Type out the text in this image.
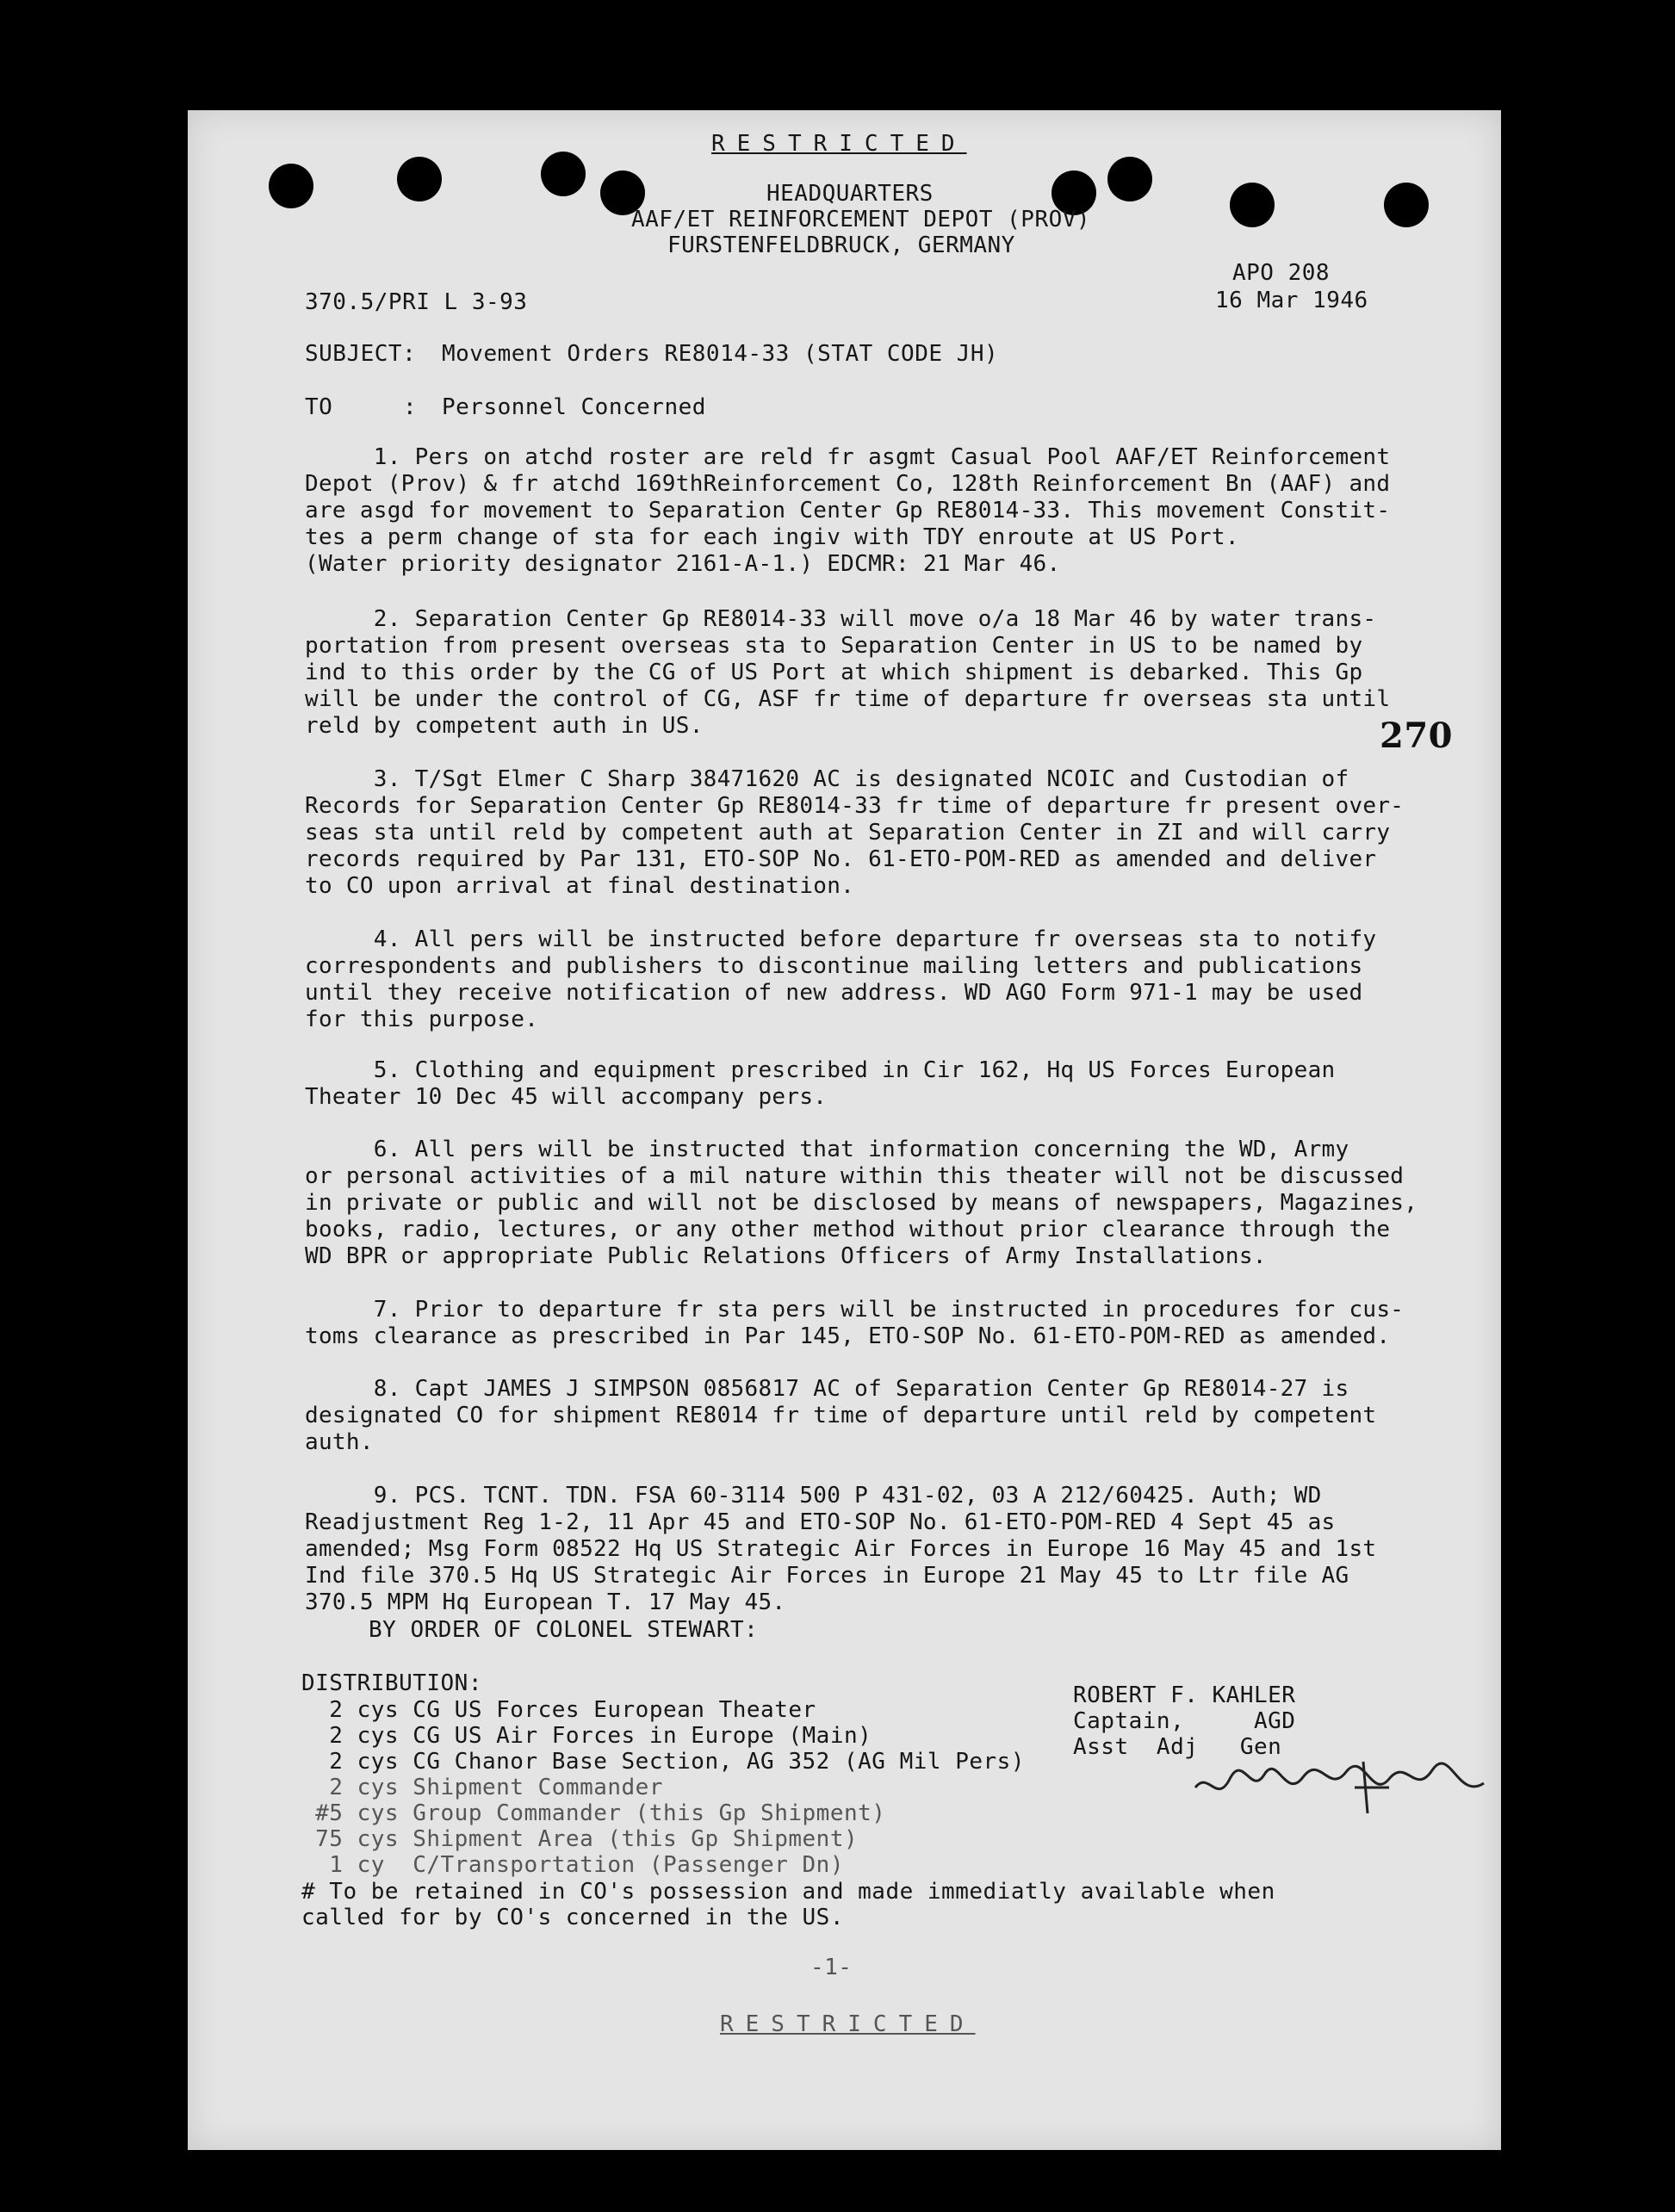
RESTRICTED
HEADQUARTERS
AAF/ET REINFORCEMENT DEPOT (PROV)
FURSTENFELDBRUCK, GERMANY
APO 208
370.5/PRI L 3-93	16 Mar 1946
SUBJECT: Movement Orders RE8014-33 (STAT CODE JH)
TO	: Personnel Concerned
1. Pers on atchd roster are reld fr asgmt Casual Pool AAF/ET Reinforcement
Depot (Prov) & fr atchd 169thReinforcement Co, 128th Reinforcement Bn (AAF) and
are asgd for movement to Separation Center Gp RE8014-33. This movement Constit-
tes a perm change of sta for each ingiv with TDY enroute at US Port.
(Water priority designator 2161-A-1.) EDCMR: 21 Mar 46.
2. Separation Center Gp RE8014-33 will move o/a 18 Mar 46 by water trans-
portation from present overseas sta to Separation Center in US to be named by
ind to this order by the CG of US Port at which shipment is debarked. This Gp
will be under the control of CG, ASF fr time of departure fr overseas sta until
reld by competent auth in US.	270
3. T/Sgt Elmer C Sharp 38471620 AC is designated NCOIC and Custodian of
Records for Separation Center Gp RE8014-33 fr time of departure fr present over-
seas sta until reld by competent auth at Separation Center in ZI and will carry
records required by Par 131, ETO-SOP No. 61-ETO-POM-RED as amended and deliver
to CO upon arrival at final destination.
4. All pers will be instructed before departure fr overseas sta to notify
correspondents and publishers to discontinue mailing letters and publications
until they receive notification of new address. WD AGO Form 971-1 may be used
for this purpose.
5. Clothing and equipment prescribed in Cir 162, Hq US Forces European
Theater 10 Dec 45 will accompany pers.
6. All pers will be instructed that information concerning the WD, Army
or personal activities of a mil nature within this theater will not be discussed
in private or public and will not be disclosed by means of newspapers, Magazines,
books, radio, lectures, or any other method without prior clearance through the
WD BPR or appropriate Public Relations Officers of Army Installations.
7. Prior to departure fr sta pers will be instructed in procedures for cus-
toms clearance as prescribed in Par 145, ETO-SOP No. 61-ETO-POM-RED as amended.
8. Capt JAMES J SIMPSON 0856817 AC of Separation Center Gp RE8014-27 is
designated CO for shipment RE8014 fr time of departure until reld by competent
auth.
9. PCS. TCNT. TDN. FSA 60-3114 500 P 431-02, 03 A 212/60425. Auth; WD
Readjustment Reg 1-2, 11 Apr 45 and ETO-SOP No. 61-ETO-POM-RED 4 Sept 45 as
amended; Msg Form 08522 Hq US Strategic Air Forces in Europe 16 May 45 and 1st
Ind file 370.5 Hq US Strategic Air Forces in Europe 21 May 45 to Ltr file AG
370.5 MPM Hq European T. 17 May 45.
BY ORDER OF COLONEL STEWART:
ROBERT F. KAHLER
Captain,     AGD
Asst  Adj   Gen
DISTRIBUTION:
2 cys CG US Forces European Theater
2 cys CG US Air Forces in Europe (Main)
2 cys CG Chanor Base Section, AG 352 (AG Mil Pers)
2 cys Shipment Commander
#5 cys Group Commander (this Gp Shipment)
75 cys Shipment Area (this Gp Shipment)
1 cy  C/Transportation (Passenger Dn)
# To be retained in CO's possession and made immediatly available when
called for by CO's concerned in the US.
-1-
RESTRICTED
